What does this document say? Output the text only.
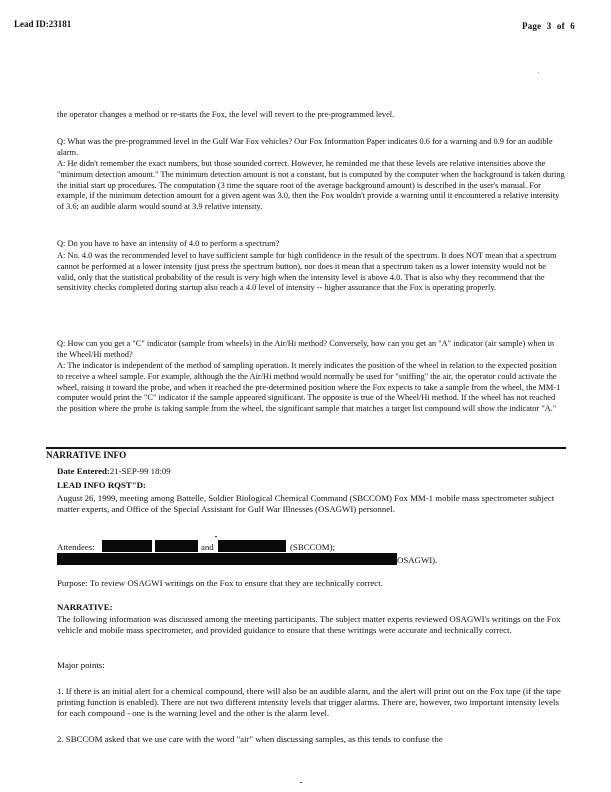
Lead ID:23181	Page 3 of 6

the operator changes a method or re-starts the Fox, the level will revert to the pre-programmed level.

Q: What was the pre-programmed level in the Gulf War Fox vehicles? Our Fox Information Paper indicates 0.6 for a warning and 0.9 for an audible alarm.

A: He didn't remember the exact numbers, but those sounded correct. However, he reminded me that these levels are relative intensities above the "minimum detection amount." The minimum detection amount is not a constant, but is computed by the computer when the background is taken during the initial start up procedures. The computation (3 time the square root of the average background amount) is described in the user's manual. For example, if the minimum detection amount for a given agent was 3.0, then the Fox wouldn't provide a warning until it encountered a relative intensity of 3.6; an audible alarm would sound at 3.9 relative intensity.

Q: Do you have to have an intensity of 4.0 to perform a spectrum?

A: No. 4.0 was the recommended level to have sufficient sample for high confidence in the result of the spectrum. It does NOT mean that a spectrum cannot be performed at a lower intensity (just press the spectrum button), nor does it mean that a spectrum taken as a lower intensity would not be valid, only that the statistical probability of the result is very high when the intensity level is above 4.0. That is also why they recommend that the sensitivity checks completed during startup also reach a 4.0 level of intensity -- higher assurance that the Fox is operating properly.

Q: How can you get a "C" indicator (sample from wheels) in the Air/Hi method? Conversely, how can you get an "A" indicator (air sample) when in the Wheel/Hi method?

A: The indicator is independent of the method of sampling operation. It merely indicates the position of the wheel in relation to the expected position to receive a wheel sample. For example, although the the Air/Hi method would normally be used for "sniffing" the air, the operator could activate the wheel, raising it toward the probe, and when it reached the pre-determined position where the Fox expects to take a sample from the wheel, the MM-1 computer would print the "C" indicator if the sample appeared significant. The opposite is true of the Wheel/Hi method. If the wheel has not reached the position where the probe is taking sample from the wheel, the significant sample that matches a target list compound will show the indicator "A."

NARRATIVE INFO
Date Entered:21-SEP-99 18:09
LEAD INFO RQST"D:

August 26, 1999, meeting among Battelle, Soldier Biological Chemical Command (SBCCOM) Fox MM-1 mobile mass spectrometer subject matter experts, and Office of the Special Assistant for Gulf War Illnesses (OSAGWI) personnel.

Attendees:	and	(SBCCOM);
OSAGWI).

Purpose: To review OSAGWI writings on the Fox to ensure that they are technically correct.

NARRATIVE:

The following information was discussed among the meeting participants. The subject matter experts reviewed OSAGWI's writings on the Fox vehicle and mobile mass spectrometer, and provided guidance to ensure that these writings were accurate and technically correct.

Major points:

1. If there is an initial alert for a chemical compound, there will also be an audible alarm, and the alert will print out on the Fox tape (if the tape printing function is enabled). There are not two different intensity levels that trigger alarms. There are, however, two important intensity levels for each compound - one is the warning level and the other is the alarm level.

2. SBCCOM asked that we use care with the word "air" when discussing samples, as this tends to confuse the
